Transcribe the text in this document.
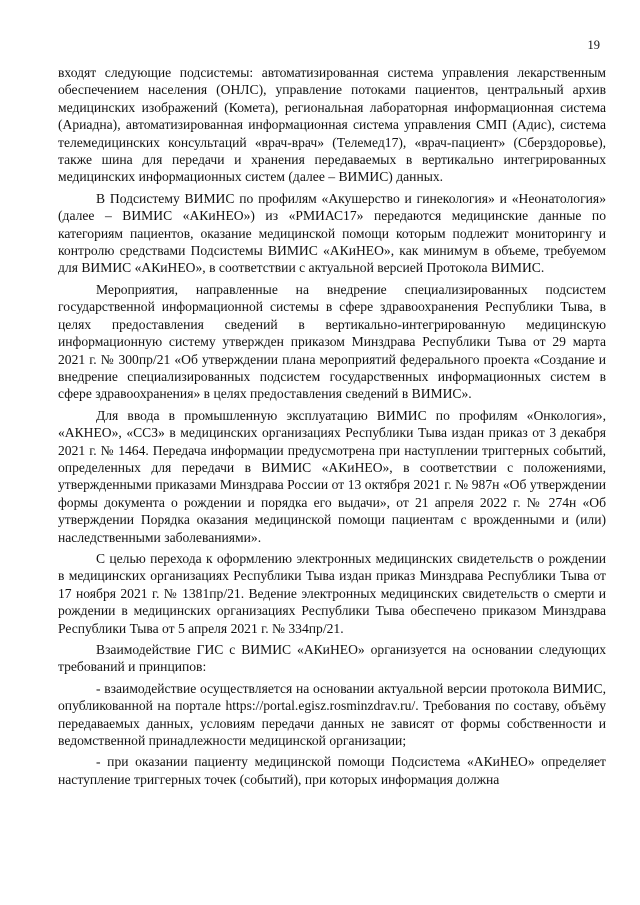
19

входят следующие подсистемы: автоматизированная система управления лекарственным обеспечением населения (ОНЛС), управление потоками пациентов, центральный архив медицинских изображений (Комета), региональная лабораторная информационная система (Ариадна), автоматизированная информационная система управления СМП (Адис), система телемедицинских консультаций «врач-врач» (Телемед17), «врач-пациент» (Сберздоровье), также шина для передачи и хранения передаваемых в вертикально интегрированных медицинских информационных систем (далее – ВИМИС) данных.

В Подсистему ВИМИС по профилям «Акушерство и гинекология» и «Неонатология» (далее – ВИМИС «АКиНЕО») из «РМИАС17» передаются медицинские данные по категориям пациентов, оказание медицинской помощи которым подлежит мониторингу и контролю средствами Подсистемы ВИМИС «АКиНЕО», как минимум в объеме, требуемом для ВИМИС «АКиНЕО», в соответствии с актуальной версией Протокола ВИМИС.

Мероприятия, направленные на внедрение специализированных подсистем государственной информационной системы в сфере здравоохранения Республики Тыва, в целях предоставления сведений в вертикально-интегрированную медицинскую информационную систему утвержден приказом Минздрава Республики Тыва от 29 марта 2021 г. № 300пр/21 «Об утверждении плана мероприятий федерального проекта «Создание и внедрение специализированных подсистем государственных информационных систем в сфере здравоохранения» в целях предоставления сведений в ВИМИС».

Для ввода в промышленную эксплуатацию ВИМИС по профилям «Онкология», «АКНЕО», «ССЗ» в медицинских организациях Республики Тыва издан приказ от 3 декабря 2021 г. № 1464. Передача информации предусмотрена при наступлении триггерных событий, определенных для передачи в ВИМИС «АКиНЕО», в соответствии с положениями, утвержденными приказами Минздрава России от 13 октября 2021 г. № 987н «Об утверждении формы документа о рождении и порядка его выдачи», от 21 апреля 2022 г. № 274н «Об утверждении Порядка оказания медицинской помощи пациентам с врожденными и (или) наследственными заболеваниями».

С целью перехода к оформлению электронных медицинских свидетельств о рождении в медицинских организациях Республики Тыва издан приказ Минздрава Республики Тыва от 17 ноября 2021 г. № 1381пр/21. Ведение электронных медицинских свидетельств о смерти и рождении в медицинских организациях Республики Тыва обеспечено приказом Минздрава Республики Тыва от 5 апреля 2021 г. № 334пр/21.

Взаимодействие ГИС с ВИМИС «АКиНЕО» организуется на основании следующих требований и принципов:

- взаимодействие осуществляется на основании актуальной версии протокола ВИМИС, опубликованной на портале https://portal.egisz.rosminzdrav.ru/. Требования по составу, объёму передаваемых данных, условиям передачи данных не зависят от формы собственности и ведомственной принадлежности медицинской организации;

- при оказании пациенту медицинской помощи Подсистема «АКиНЕО» определяет наступление триггерных точек (событий), при которых информация должна
